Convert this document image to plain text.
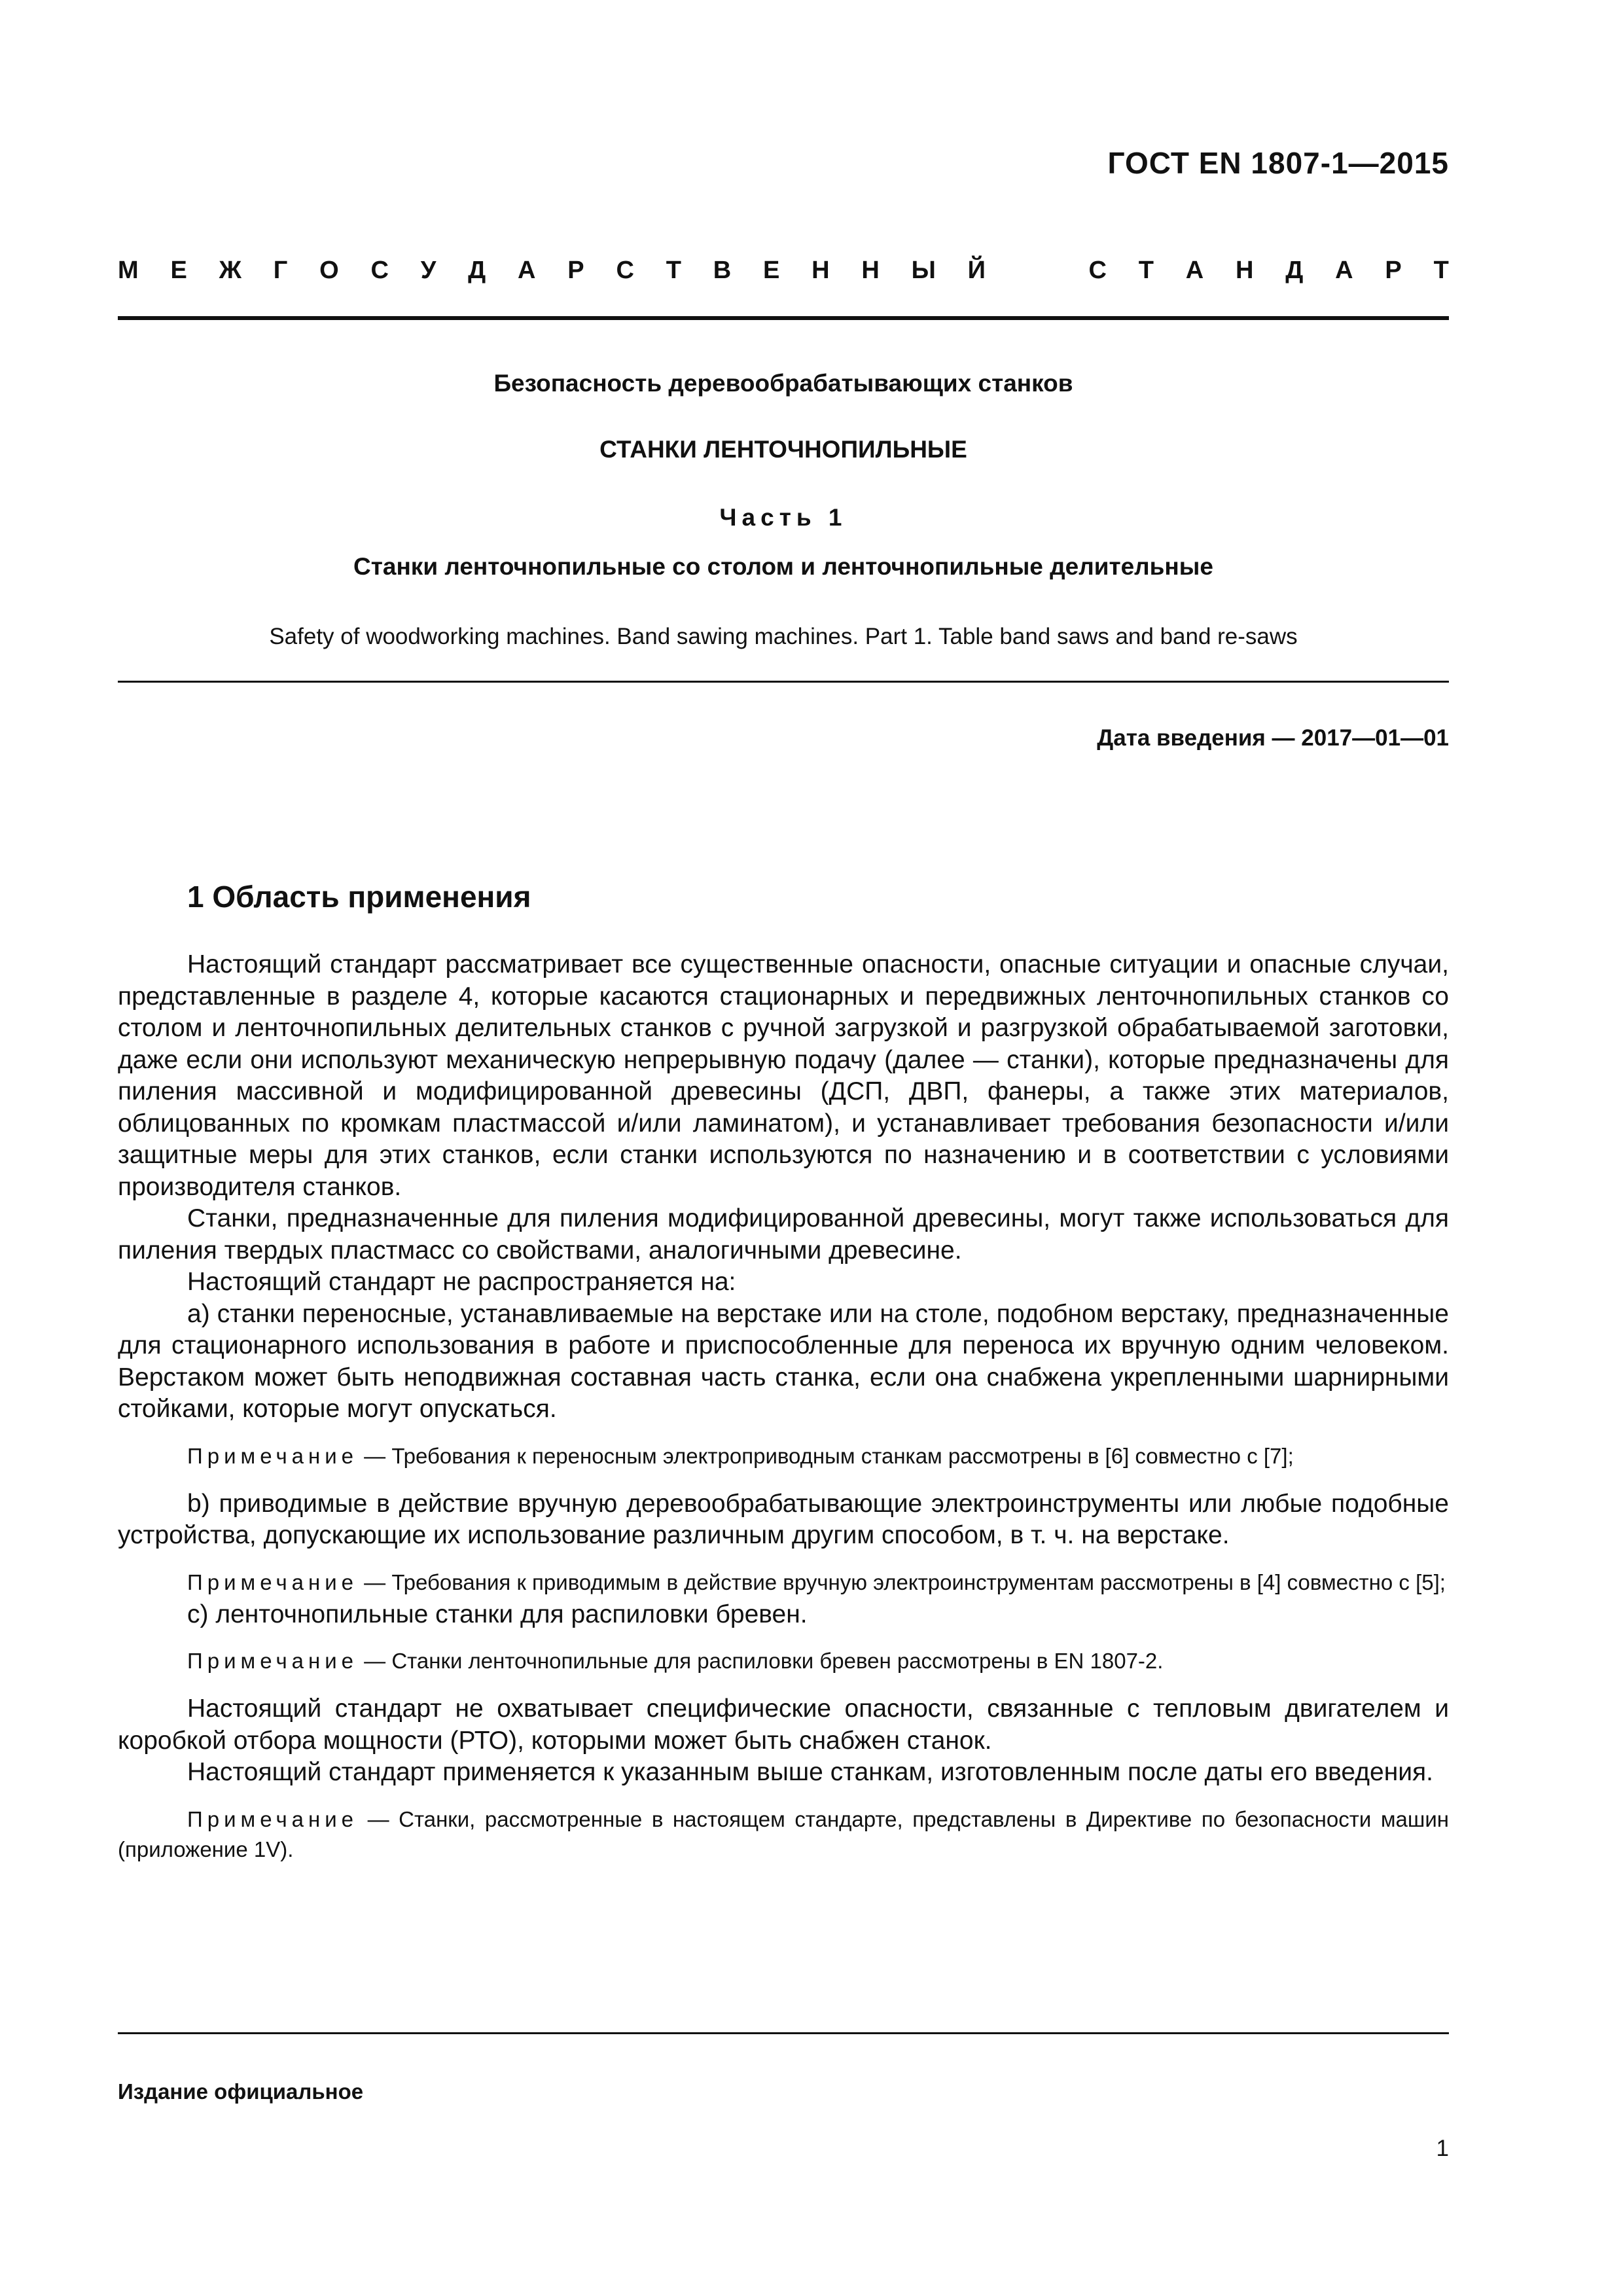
ГОСТ EN 1807-1—2015

М Е Ж Г О С У Д А Р С Т В Е Н Н Ы Й	С Т А Н Д А Р Т

Безопасность деревообрабатывающих станков

СТАНКИ ЛЕНТОЧНОПИЛЬНЫЕ

Часть 1

Станки ленточнопильные со столом и ленточнопильные делительные

Safety of woodworking machines. Band sawing machines. Part 1. Table band saws and band re-saws

Дата введения — 2017—01—01

1 Область применения

Настоящий стандарт рассматривает все существенные опасности, опасные ситуации и опасные случаи, представленные в разделе 4, которые касаются стационарных и передвижных ленточнопильных станков со столом и ленточнопильных делительных станков с ручной загрузкой и разгрузкой обрабатываемой заготовки, даже если они используют механическую непрерывную подачу (далее — станки), которые предназначены для пиления массивной и модифицированной древесины (ДСП, ДВП, фанеры, а также этих материалов, облицованных по кромкам пластмассой и/или ламинатом), и устанавливает требования безопасности и/или защитные меры для этих станков, если станки используются по назначению и в соответствии с условиями производителя станков.

Станки, предназначенные для пиления модифицированной древесины, могут также использоваться для пиления твердых пластмасс со свойствами, аналогичными древесине.

Настоящий стандарт не распространяется на:

а) станки переносные, устанавливаемые на верстаке или на столе, подобном верстаку, предназначенные для стационарного использования в работе и приспособленные для переноса их вручную одним человеком. Верстаком может быть неподвижная составная часть станка, если она снабжена укрепленными шарнирными стойками, которые могут опускаться.

Примечание — Требования к переносным электроприводным станкам рассмотрены в [6] совместно с [7];

b) приводимые в действие вручную деревообрабатывающие электроинструменты или любые подобные устройства, допускающие их использование различным другим способом, в т. ч. на верстаке.

Примечание — Требования к приводимым в действие вручную электроинструментам рассмотрены в [4] совместно с [5];

с) ленточнопильные станки для распиловки бревен.

Примечание — Станки ленточнопильные для распиловки бревен рассмотрены в EN 1807-2.

Настоящий стандарт не охватывает специфические опасности, связанные с тепловым двигателем и коробкой отбора мощности (РТО), которыми может быть снабжен станок.

Настоящий стандарт применяется к указанным выше станкам, изготовленным после даты его введения.

Примечание — Станки, рассмотренные в настоящем стандарте, представлены в Директиве по безопасности машин (приложение 1V).

Издание официальное

1
